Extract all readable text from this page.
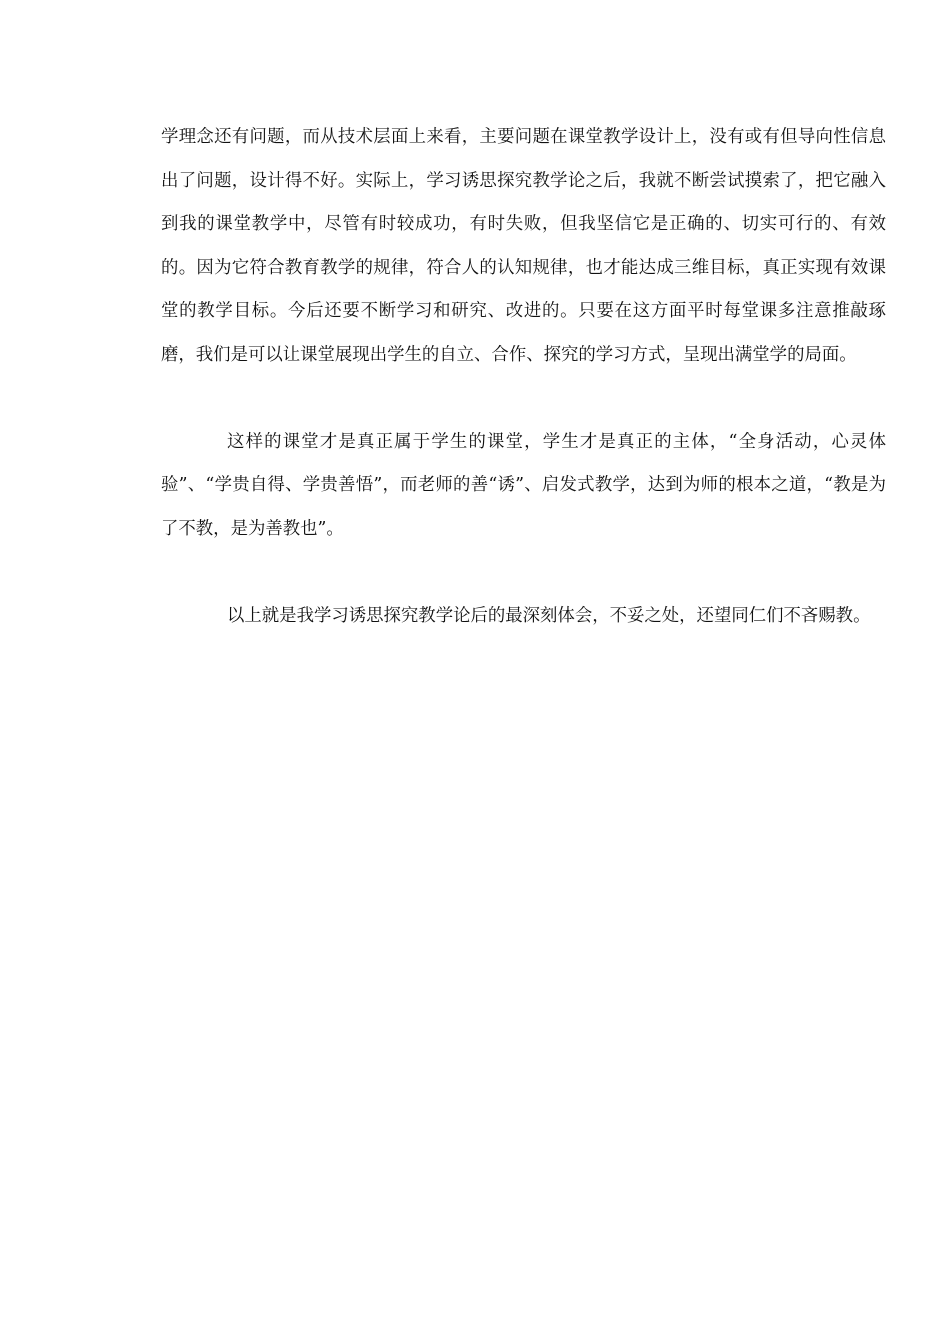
学理念还有问题，而从技术层面上来看，主要问题在课堂教学设计上，没有或有但导向性信息出了问题，设计得不好。实际上，学习诱思探究教学论之后，我就不断尝试摸索了，把它融入到我的课堂教学中，尽管有时较成功，有时失败，但我坚信它是正确的、切实可行的、有效的。因为它符合教育教学的规律，符合人的认知规律，也才能达成三维目标，真正实现有效课堂的教学目标。今后还要不断学习和研究、改进的。只要在这方面平时每堂课多注意推敲琢磨，我们是可以让课堂展现出学生的自立、合作、探究的学习方式，呈现出满堂学的局面。

这样的课堂才是真正属于学生的课堂，学生才是真正的主体，“全身活动，心灵体验”、“学贵自得、学贵善悟”，而老师的善“诱”、启发式教学，达到为师的根本之道，“教是为了不教，是为善教也”。

以上就是我学习诱思探究教学论后的最深刻体会，不妥之处，还望同仁们不吝赐教。
